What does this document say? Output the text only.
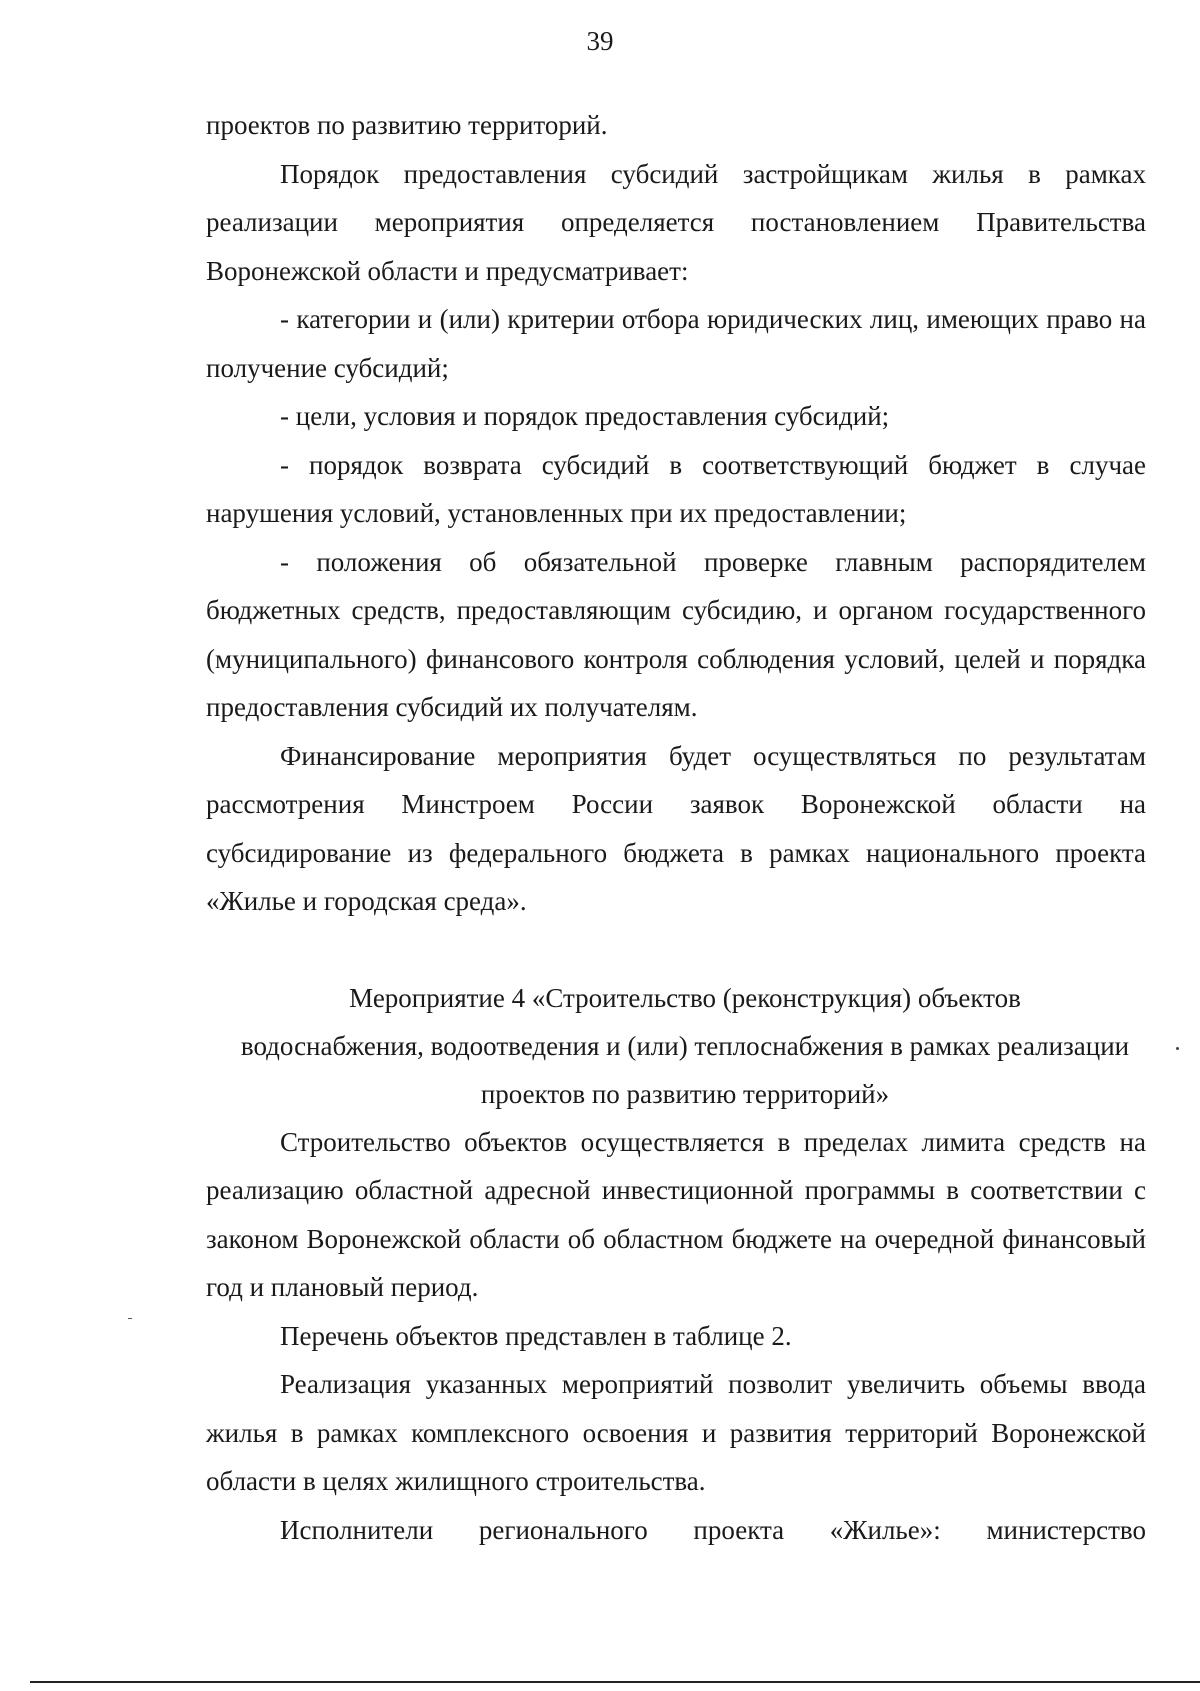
39

проектов по развитию территорий.

Порядок предоставления субсидий застройщикам жилья в рамках реализации мероприятия определяется постановлением Правительства Воронежской области и предусматривает:

- категории и (или) критерии отбора юридических лиц, имеющих право на получение субсидий;

- цели, условия и порядок предоставления субсидий;

- порядок возврата субсидий в соответствующий бюджет в случае нарушения условий, установленных при их предоставлении;

- положения об обязательной проверке главным распорядителем бюджетных средств, предоставляющим субсидию, и органом государственного (муниципального) финансового контроля соблюдения условий, целей и порядка предоставления субсидий их получателям.

Финансирование мероприятия будет осуществляться по результатам рассмотрения Минстроем России заявок Воронежской области на субсидирование из федерального бюджета в рамках национального проекта «Жилье и городская среда».

Мероприятие 4 «Строительство (реконструкция) объектов

водоснабжения, водоотведения и (или) теплоснабжения в рамках реализации

проектов по развитию территорий»

Строительство объектов осуществляется в пределах лимита средств на реализацию областной адресной инвестиционной программы в соответствии с законом Воронежской области об областном бюджете на очередной финансовый год и плановый период.

Перечень объектов представлен в таблице 2.

Реализация указанных мероприятий позволит увеличить объемы ввода жилья в рамках комплексного освоения и развития территорий Воронежской области в целях жилищного строительства.

Исполнители регионального проекта «Жилье»: министерство
